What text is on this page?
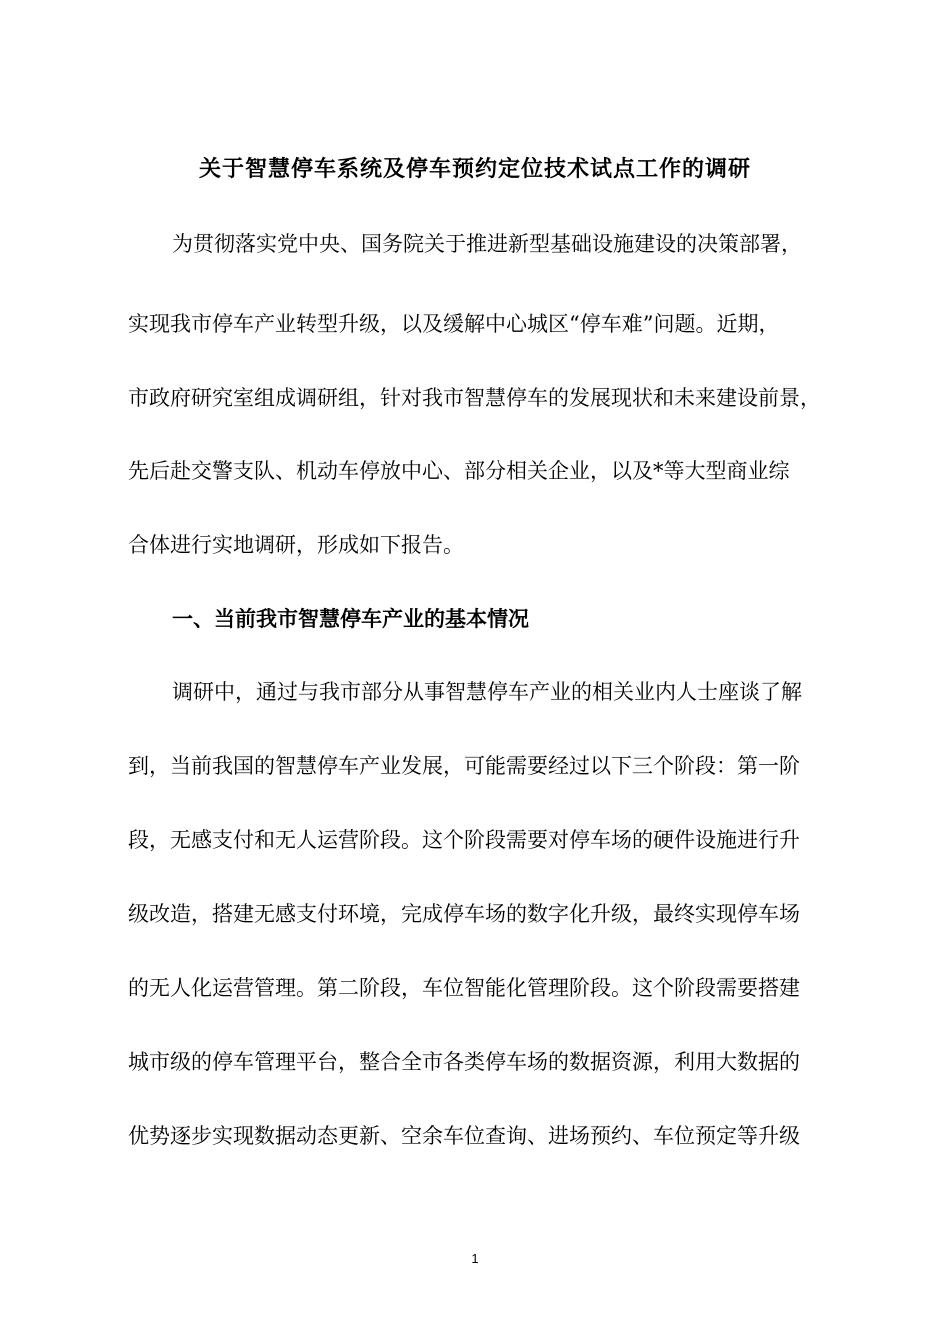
关于智慧停车系统及停车预约定位技术试点工作的调研
为贯彻落实党中央、国务院关于推进新型基础设施建设的决策部署，
实现我市停车产业转型升级，以及缓解中心城区“停车难”问题。近期，
市政府研究室组成调研组，针对我市智慧停车的发展现状和未来建设前景，
先后赴交警支队、机动车停放中心、部分相关企业，以及*等大型商业综
合体进行实地调研，形成如下报告。
一、当前我市智慧停车产业的基本情况
调研中，通过与我市部分从事智慧停车产业的相关业内人士座谈了解
到，当前我国的智慧停车产业发展，可能需要经过以下三个阶段：第一阶
段，无感支付和无人运营阶段。这个阶段需要对停车场的硬件设施进行升
级改造，搭建无感支付环境，完成停车场的数字化升级，最终实现停车场
的无人化运营管理。第二阶段，车位智能化管理阶段。这个阶段需要搭建
城市级的停车管理平台，整合全市各类停车场的数据资源，利用大数据的
优势逐步实现数据动态更新、空余车位查询、进场预约、车位预定等升级
1
